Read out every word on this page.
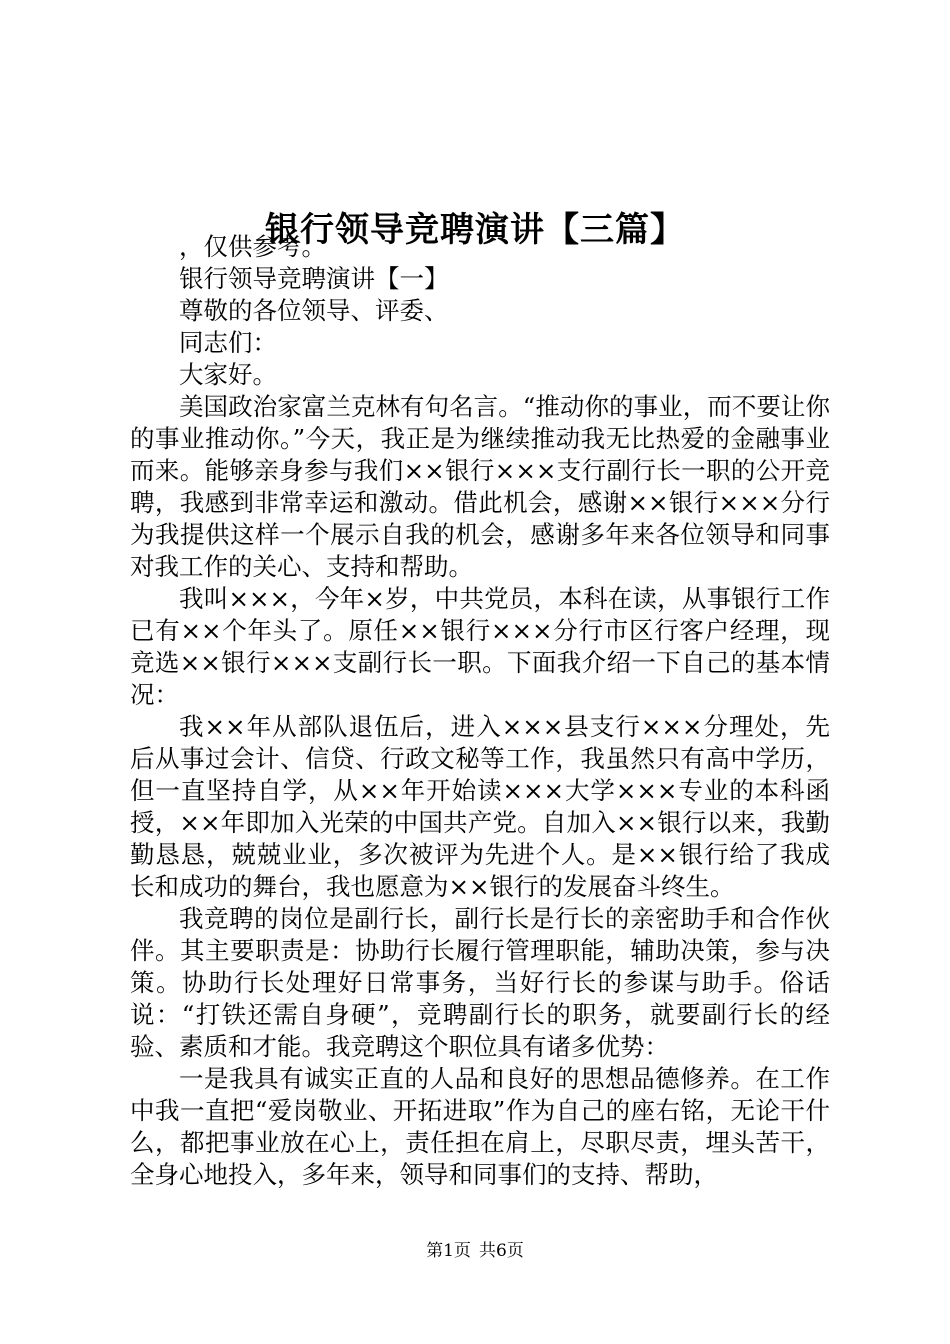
银行领导竞聘演讲【三篇】

，仅供参考。

银行领导竞聘演讲【一】

尊敬的各位领导、评委、

同志们：

大家好。

美国政治家富兰克林有句名言。“推动你的事业，而不要让你的事业推动你。”今天，我正是为继续推动我无比热爱的金融事业而来。能够亲身参与我们××银行×××支行副行长一职的公开竞聘，我感到非常幸运和激动。借此机会，感谢××银行×××分行为我提供这样一个展示自我的机会，感谢多年来各位领导和同事对我工作的关心、支持和帮助。

我叫×××，今年×岁，中共党员，本科在读，从事银行工作已有××个年头了。原任××银行×××分行市区行客户经理，现竞选××银行×××支副行长一职。下面我介绍一下自己的基本情况：

我××年从部队退伍后，进入×××县支行×××分理处，先后从事过会计、信贷、行政文秘等工作，我虽然只有高中学历，但一直坚持自学，从××年开始读×××大学×××专业的本科函授，××年即加入光荣的中国共产党。自加入××银行以来，我勤勤恳恳，兢兢业业，多次被评为先进个人。是××银行给了我成长和成功的舞台，我也愿意为××银行的发展奋斗终生。

我竞聘的岗位是副行长，副行长是行长的亲密助手和合作伙伴。其主要职责是：协助行长履行管理职能，辅助决策，参与决策。协助行长处理好日常事务，当好行长的参谋与助手。俗话说：“打铁还需自身硬”，竞聘副行长的职务，就要副行长的经验、素质和才能。我竞聘这个职位具有诸多优势：

一是我具有诚实正直的人品和良好的思想品德修养。在工作中我一直把“爱岗敬业、开拓进取”作为自己的座右铭，无论干什么，都把事业放在心上，责任担在肩上，尽职尽责，埋头苦干，全身心地投入，多年来，领导和同事们的支持、帮助，

第1页 共6页
